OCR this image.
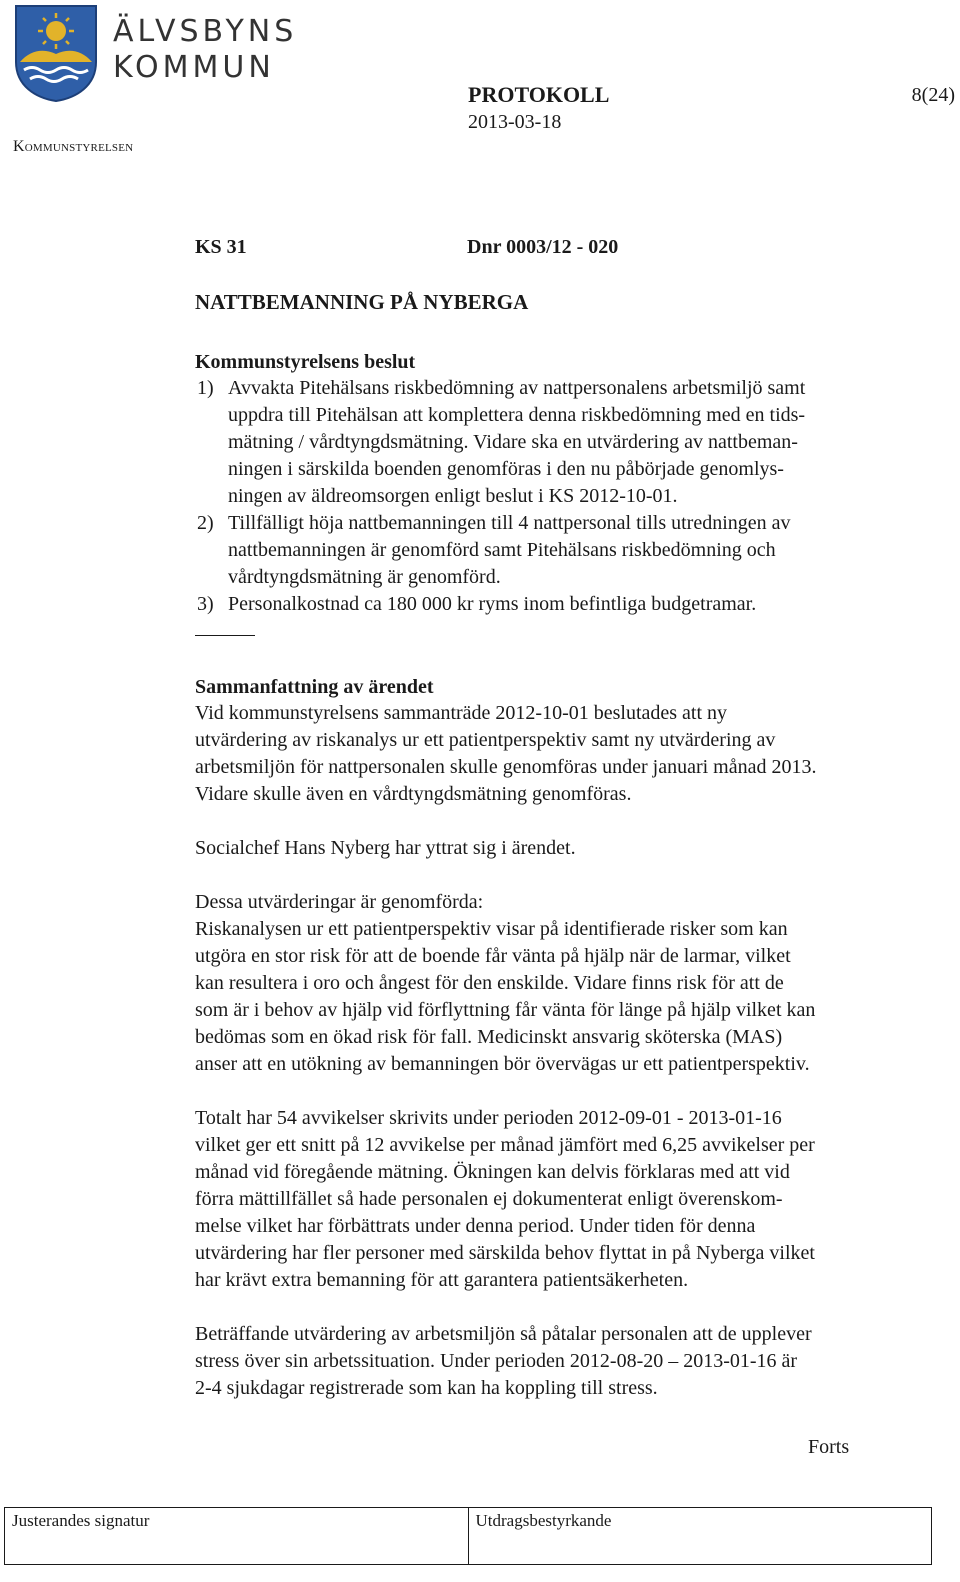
ÄLVSBYNS
KOMMUN
Kommunstyrelsen
PROTOKOLL
2013-03-18
8(24)
KS 31	Dnr 0003/12 - 020
NATTBEMANNING PÅ NYBERGA
Kommunstyrelsens beslut
1) Avvakta Pitehälsans riskbedömning av nattpersonalens arbetsmiljö samt
uppdra till Pitehälsan att komplettera denna riskbedömning med en tids-
mätning / vårdtyngdsmätning. Vidare ska en utvärdering av nattbeman-
ningen i särskilda boenden genomföras i den nu påbörjade genomlys-
ningen av äldreomsorgen enligt beslut i KS 2012-10-01.
2) Tillfälligt höja nattbemanningen till 4 nattpersonal tills utredningen av
nattbemanningen är genomförd samt Pitehälsans riskbedömning och
vårdtyngdsmätning är genomförd.
3) Personalkostnad ca 180 000 kr ryms inom befintliga budgetramar.
Sammanfattning av ärendet

Vid kommunstyrelsens sammanträde 2012-10-01 beslutades att ny

utvärdering av riskanalys ur ett patientperspektiv samt ny utvärdering av

arbetsmiljön för nattpersonalen skulle genomföras under januari månad 2013.

Vidare skulle även en vårdtyngdsmätning genomföras.

Socialchef Hans Nyberg har yttrat sig i ärendet.

Dessa utvärderingar är genomförda:

Riskanalysen ur ett patientperspektiv visar på identifierade risker som kan

utgöra en stor risk för att de boende får vänta på hjälp när de larmar, vilket

kan resultera i oro och ångest för den enskilde. Vidare finns risk för att de

som är i behov av hjälp vid förflyttning får vänta för länge på hjälp vilket kan

bedömas som en ökad risk för fall. Medicinskt ansvarig sköterska (MAS)

anser att en utökning av bemanningen bör övervägas ur ett patientperspektiv.

Totalt har 54 avvikelser skrivits under perioden 2012-09-01 - 2013-01-16

vilket ger ett snitt på 12 avvikelse per månad jämfört med 6,25 avvikelser per

månad vid föregående mätning. Ökningen kan delvis förklaras med att vid

förra mättillfället så hade personalen ej dokumenterat enligt överenskom-

melse vilket har förbättrats under denna period. Under tiden för denna

utvärdering har fler personer med särskilda behov flyttat in på Nyberga vilket

har krävt extra bemanning för att garantera patientsäkerheten.

Beträffande utvärdering av arbetsmiljön så påtalar personalen att de upplever

stress över sin arbetssituation. Under perioden 2012-08-20 – 2013-01-16 är

2-4 sjukdagar registrerade som kan ha koppling till stress.

Forts
Justerandes signatur	Utdragsbestyrkande
